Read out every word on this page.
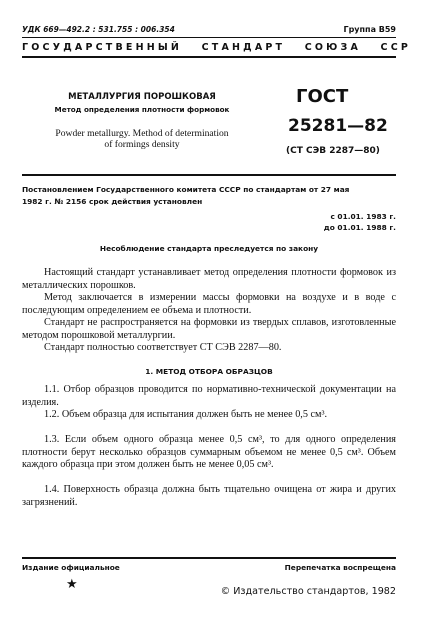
УДК 669—492.2 : 531.755 : 006.354	Группа В59
ГОСУДАРСТВЕННЫЙ   СТАНДАРТ   СОЮЗА   ССР
МЕТАЛЛУРГИЯ ПОРОШКОВАЯ
Метод определения плотности формовок
Powder metallurgy. Method of determination
of formings density
ГОСТ
25281—82
(СТ СЭВ 2287—80)
Постановлением Государственного комитета СССР по стандартам от 27 мая
1982 г. № 2156 срок действия установлен
с 01.01. 1983 г.
до 01.01. 1988 г.
Несоблюдение стандарта преследуется по закону
Настоящий стандарт устанавливает метод определения плотности формовок из металлических порошков.
Метод заключается в измерении массы формовки на воздухе и в воде с последующим определением ее объема и плотности.
Стандарт не распространяется на формовки из твердых сплавов, изготовленные методом порошковой металлургии.
Стандарт полностью соответствует СТ СЭВ 2287—80.
1. МЕТОД ОТБОРА ОБРАЗЦОВ
1.1. Отбор образцов проводится по нормативно-технической документации на изделия.
1.2. Объем образца для испытания должен быть не менее 0,5 см³.
1.3. Если объем одного образца менее 0,5 см³, то для одного определения плотности берут несколько образцов суммарным объемом не менее 0,5 см³. Объем каждого образца при этом должен быть не менее 0,05 см³.
1.4. Поверхность образца должна быть тщательно очищена от жира и других загрязнений.
Издание официальное	Перепечатка воспрещена
★
© Издательство стандартов, 1982
